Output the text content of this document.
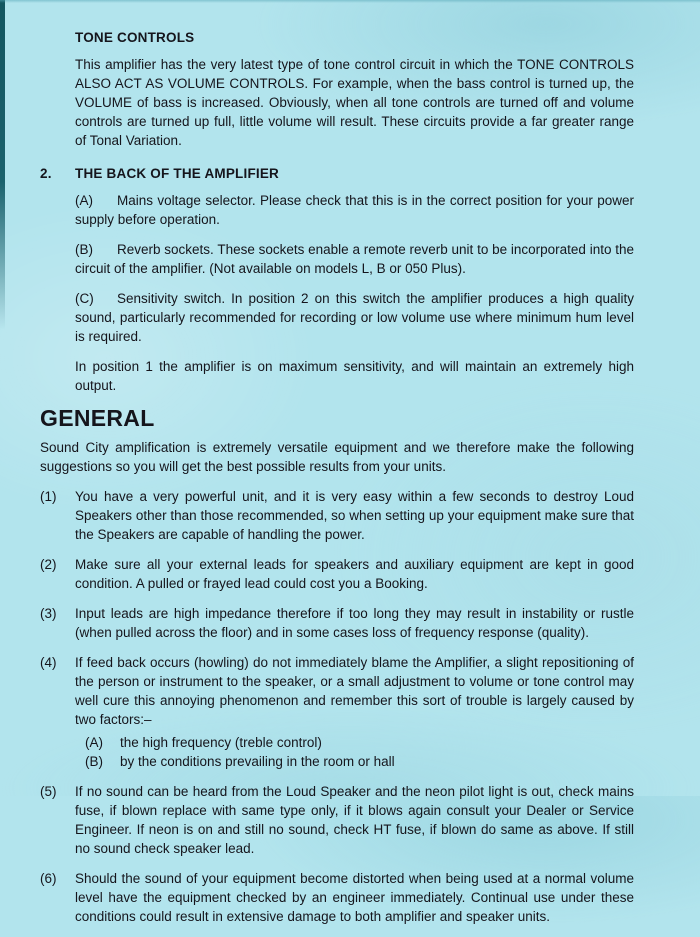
TONE CONTROLS

This amplifier has the very latest type of tone control circuit in which the TONE CONTROLS ALSO ACT AS VOLUME CONTROLS. For example, when the bass control is turned up, the VOLUME of bass is increased. Obviously, when all tone controls are turned off and volume controls are turned up full, little volume will result. These circuits provide a far greater range of Tonal Variation.

2.	THE BACK OF THE AMPLIFIER

(A) Mains voltage selector. Please check that this is in the correct position for your power supply before operation.

(B) Reverb sockets. These sockets enable a remote reverb unit to be incorporated into the circuit of the amplifier. (Not available on models L, B or 050 Plus).

(C) Sensitivity switch. In position 2 on this switch the amplifier produces a high quality sound, particularly recommended for recording or low volume use where minimum hum level is required.

In position 1 the amplifier is on maximum sensitivity, and will maintain an extremely high output.

GENERAL

Sound City amplification is extremely versatile equipment and we therefore make the following suggestions so you will get the best possible results from your units.

(1)	You have a very powerful unit, and it is very easy within a few seconds to destroy Loud Speakers other than those recommended, so when setting up your equipment make sure that the Speakers are capable of handling the power.
(2)	Make sure all your external leads for speakers and auxiliary equipment are kept in good condition. A pulled or frayed lead could cost you a Booking.
(3)	Input leads are high impedance therefore if too long they may result in instability or rustle (when pulled across the floor) and in some cases loss of frequency response (quality).
(4)	If feed back occurs (howling) do not immediately blame the Amplifier, a slight repositioning of the person or instrument to the speaker, or a small adjustment to volume or tone control may well cure this annoying phenomenon and remember this sort of trouble is largely caused by two factors:–
(A)	the high frequency (treble control)
(B)	by the conditions prevailing in the room or hall
(5)	If no sound can be heard from the Loud Speaker and the neon pilot light is out, check mains fuse, if blown replace with same type only, if it blows again consult your Dealer or Service Engineer. If neon is on and still no sound, check HT fuse, if blown do same as above. If still no sound check speaker lead.
(6)	Should the sound of your equipment become distorted when being used at a normal volume level have the equipment checked by an engineer immediately. Continual use under these conditions could result in extensive damage to both amplifier and speaker units.
